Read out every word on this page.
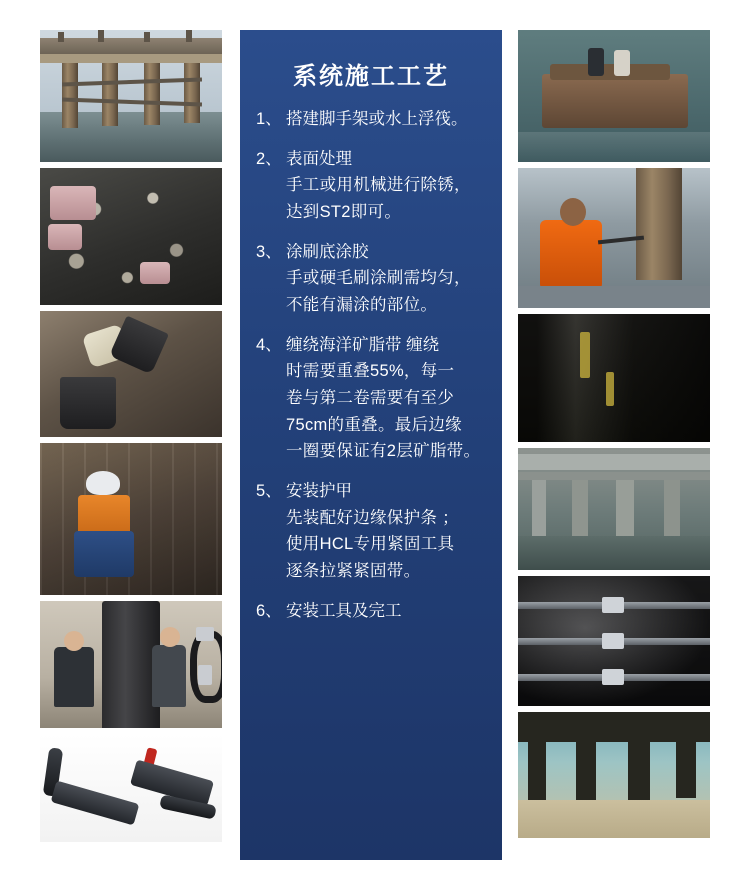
系统施工工艺
1、 搭建脚手架或水上浮筏。
2、 表面处理
手工或用机械进行除锈，
达到ST2即可。
3、 涂刷底涂胶
手或硬毛刷涂刷需均匀，
不能有漏涂的部位。
4、 缠绕海洋矿脂带 缠绕
时需要重叠55%，每一
卷与第二卷需要有至少
75cm的重叠。最后边缘
一圈要保证有2层矿脂带。
5、 安装护甲
先装配好边缘保护条 ；
使用HCL专用紧固工具
逐条拉紧紧固带。
6、 安装工具及完工
